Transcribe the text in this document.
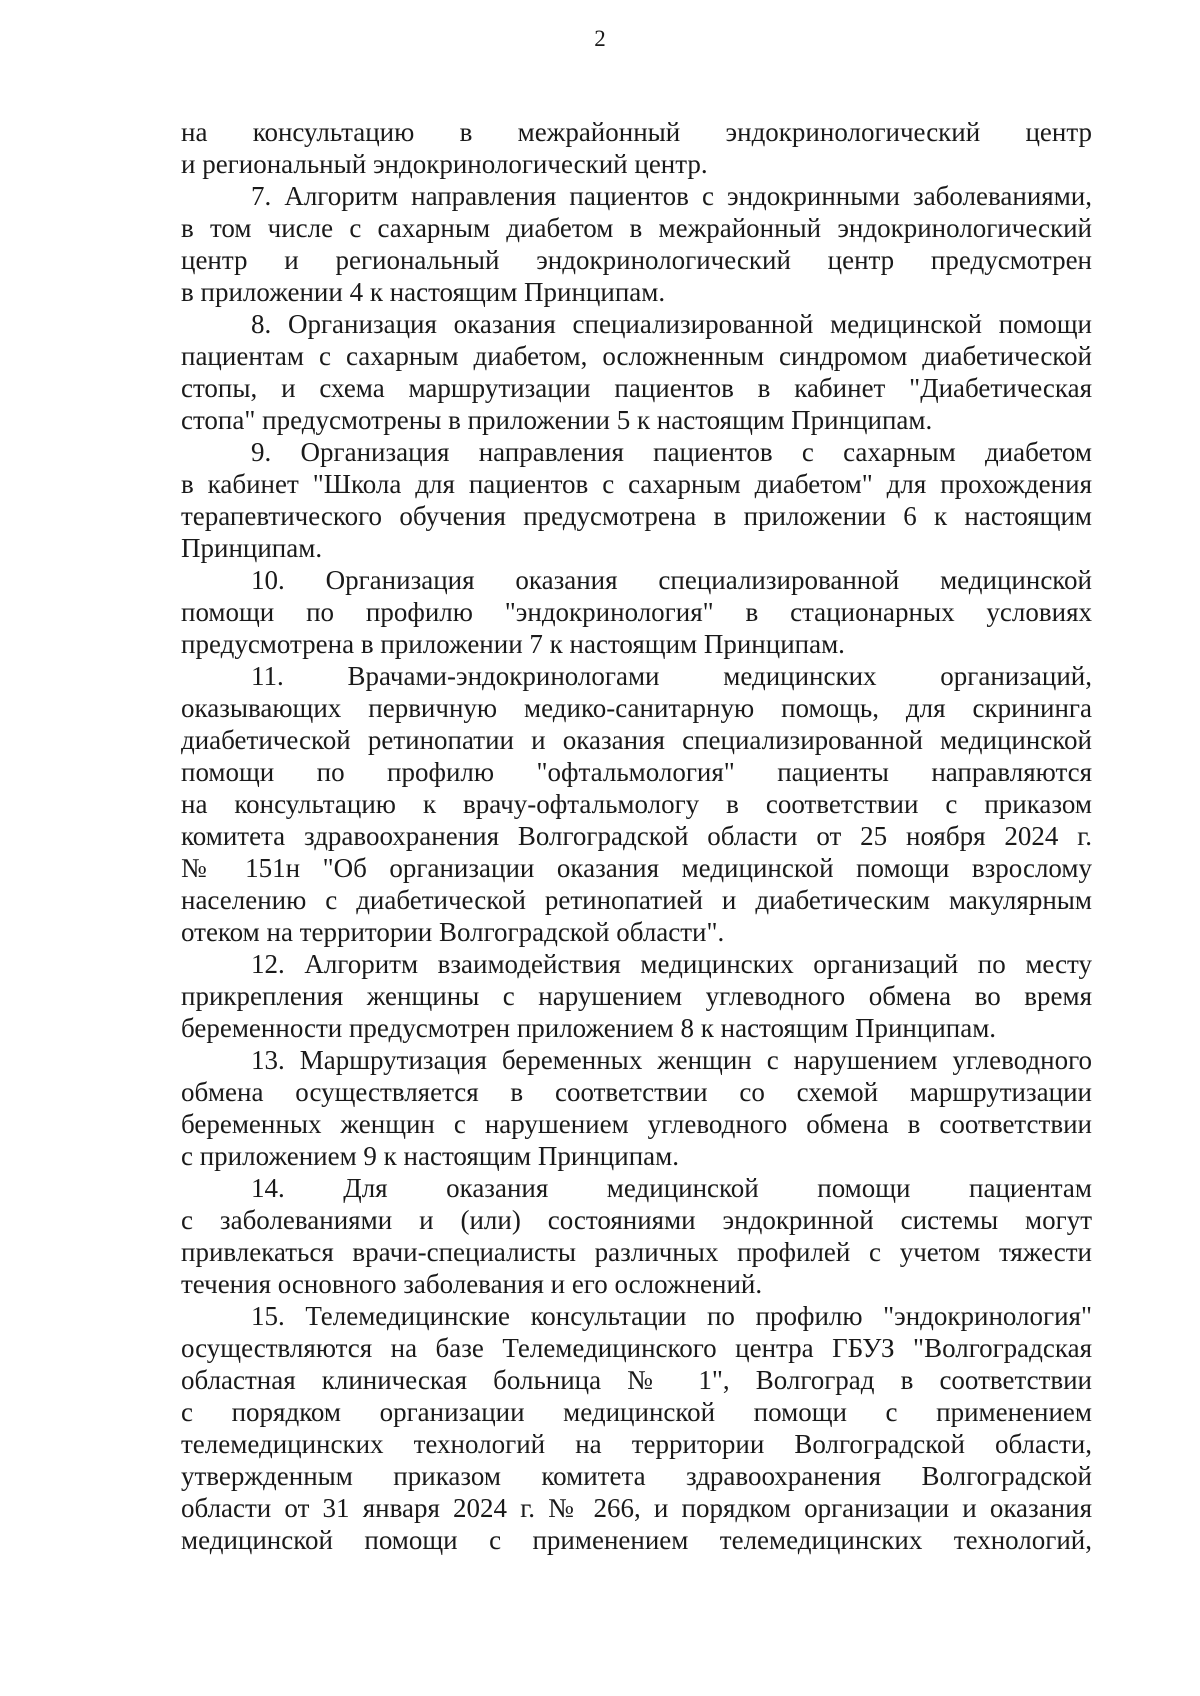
2
на консультацию в межрайонный эндокринологический центр
и региональный эндокринологический центр.
7. Алгоритм направления пациентов с эндокринными заболеваниями,
в том числе с сахарным диабетом в межрайонный эндокринологический
центр и региональный эндокринологический центр предусмотрен
в приложении 4 к настоящим Принципам.
8. Организация оказания специализированной медицинской помощи
пациентам с сахарным диабетом, осложненным синдромом диабетической
стопы, и схема маршрутизации пациентов в кабинет "Диабетическая
стопа" предусмотрены в приложении 5 к настоящим Принципам.
9. Организация направления пациентов с сахарным диабетом
в кабинет "Школа для пациентов с сахарным диабетом" для прохождения
терапевтического обучения предусмотрена в приложении 6 к настоящим
Принципам.
10. Организация оказания специализированной медицинской
помощи по профилю "эндокринология" в стационарных условиях
предусмотрена в приложении 7 к настоящим Принципам.
11. Врачами-эндокринологами медицинских организаций,
оказывающих первичную медико-санитарную помощь, для скрининга
диабетической ретинопатии и оказания специализированной медицинской
помощи по профилю "офтальмология" пациенты направляются
на консультацию к врачу-офтальмологу в соответствии с приказом
комитета здравоохранения Волгоградской области от 25 ноября 2024 г.
№ 151н "Об организации оказания медицинской помощи взрослому
населению с диабетической ретинопатией и диабетическим макулярным
отеком на территории Волгоградской области".
12. Алгоритм взаимодействия медицинских организаций по месту
прикрепления женщины с нарушением углеводного обмена во время
беременности предусмотрен приложением 8 к настоящим Принципам.
13. Маршрутизация беременных женщин с нарушением углеводного
обмена осуществляется в соответствии со схемой маршрутизации
беременных женщин с нарушением углеводного обмена в соответствии
с приложением 9 к настоящим Принципам.
14. Для оказания медицинской помощи пациентам
с заболеваниями и (или) состояниями эндокринной системы могут
привлекаться врачи-специалисты различных профилей с учетом тяжести
течения основного заболевания и его осложнений.
15. Телемедицинские консультации по профилю "эндокринология"
осуществляются на базе Телемедицинского центра ГБУЗ "Волгоградская
областная клиническая больница № 1", Волгоград в соответствии
с порядком организации медицинской помощи с применением
телемедицинских технологий на территории Волгоградской области,
утвержденным приказом комитета здравоохранения Волгоградской
области от 31 января 2024 г. № 266, и порядком организации и оказания
медицинской помощи с применением телемедицинских технологий,
